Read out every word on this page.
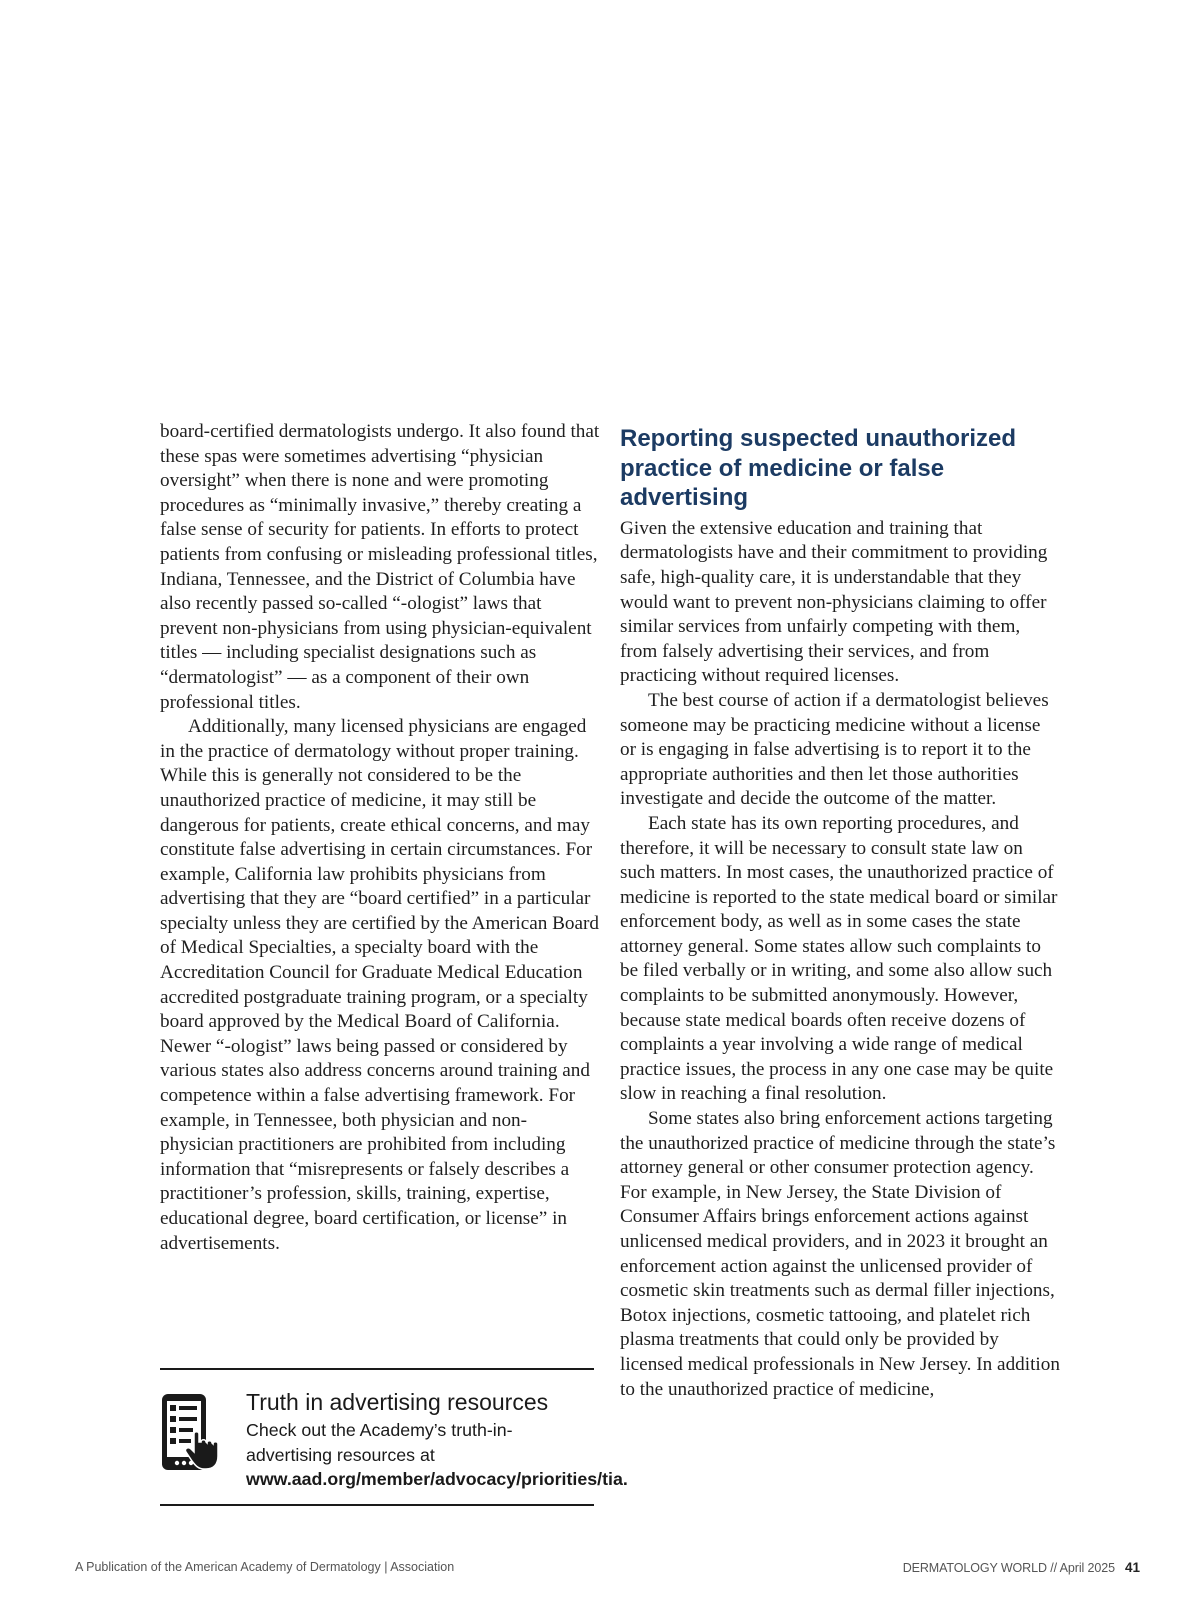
board-certified dermatologists undergo. It also found that these spas were sometimes advertising “physician oversight” when there is none and were promoting procedures as “minimally invasive,” thereby creating a false sense of security for patients. In efforts to protect patients from confusing or misleading professional titles, Indiana, Tennessee, and the District of Columbia have also recently passed so-called “-ologist” laws that prevent non-physicians from using physician-equivalent titles — including specialist designations such as “dermatologist” — as a component of their own professional titles.

Additionally, many licensed physicians are engaged in the practice of dermatology without proper training. While this is generally not considered to be the unauthorized practice of medicine, it may still be dangerous for patients, create ethical concerns, and may constitute false advertising in certain circumstances. For example, California law prohibits physicians from advertising that they are “board certified” in a particular specialty unless they are certified by the American Board of Medical Specialties, a specialty board with the Accreditation Council for Graduate Medical Education accredited postgraduate training program, or a specialty board approved by the Medical Board of California. Newer “-ologist” laws being passed or considered by various states also address concerns around training and competence within a false advertising framework. For example, in Tennessee, both physician and non-physician practitioners are prohibited from including information that “misrepresents or falsely describes a practitioner’s profession, skills, training, expertise, educational degree, board certification, or license” in advertisements.

Reporting suspected unauthorized practice of medicine or false advertising

Given the extensive education and training that dermatologists have and their commitment to providing safe, high-quality care, it is understandable that they would want to prevent non-physicians claiming to offer similar services from unfairly competing with them, from falsely advertising their services, and from practicing without required licenses.

The best course of action if a dermatologist believes someone may be practicing medicine without a license or is engaging in false advertising is to report it to the appropriate authorities and then let those authorities investigate and decide the outcome of the matter.

Each state has its own reporting procedures, and therefore, it will be necessary to consult state law on such matters. In most cases, the unauthorized practice of medicine is reported to the state medical board or similar enforcement body, as well as in some cases the state attorney general. Some states allow such complaints to be filed verbally or in writing, and some also allow such complaints to be submitted anonymously. However, because state medical boards often receive dozens of complaints a year involving a wide range of medical practice issues, the process in any one case may be quite slow in reaching a final resolution.

Some states also bring enforcement actions targeting the unauthorized practice of medicine through the state’s attorney general or other consumer protection agency. For example, in New Jersey, the State Division of Consumer Affairs brings enforcement actions against unlicensed medical providers, and in 2023 it brought an enforcement action against the unlicensed provider of cosmetic skin treatments such as dermal filler injections, Botox injections, cosmetic tattooing, and platelet rich plasma treatments that could only be provided by licensed medical professionals in New Jersey. In addition to the unauthorized practice of medicine,

Truth in advertising resources

Check out the Academy’s truth-in-advertising resources at www.aad.org/member/advocacy/priorities/tia.

A Publication of the American Academy of Dermatology | Association	DERMATOLOGY WORLD // April 2025 41
